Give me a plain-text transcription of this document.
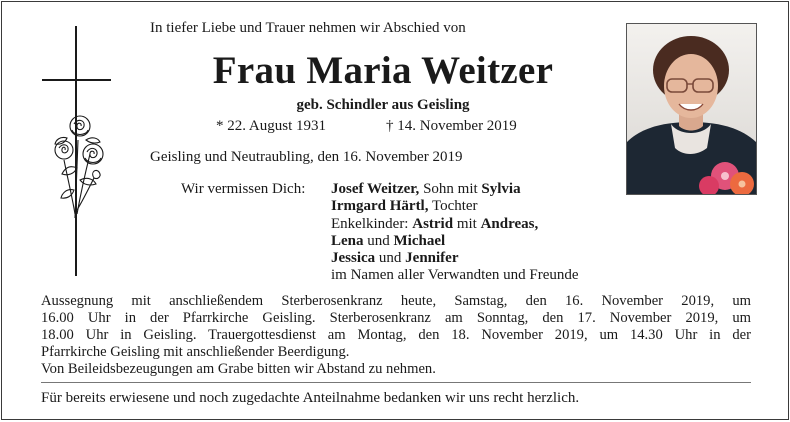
In tiefer Liebe und Trauer nehmen wir Abschied von
Frau Maria Weitzer
geb. Schindler aus Geisling
* 22. August 1931	† 14. November 2019
Geisling und Neutraubling, den 16. November 2019
Wir vermissen Dich: Josef Weitzer, Sohn mit Sylvia
Irmgard Härtl, Tochter
Enkelkinder: Astrid mit Andreas,
Lena und Michael
Jessica und Jennifer
im Namen aller Verwandten und Freunde

Aussegnung mit anschließendem Sterberosenkranz heute, Samstag, den 16. November 2019, um

16.00 Uhr in der Pfarrkirche Geisling. Sterberosenkranz am Sonntag, den 17. November 2019, um

18.00 Uhr in Geisling. Trauergottesdienst am Montag, den 18. November 2019, um 14.30 Uhr in der

Pfarrkirche Geisling mit anschließender Beerdigung.

Von Beileidsbezeugungen am Grabe bitten wir Abstand zu nehmen.

Für bereits erwiesene und noch zugedachte Anteilnahme bedanken wir uns recht herzlich.
